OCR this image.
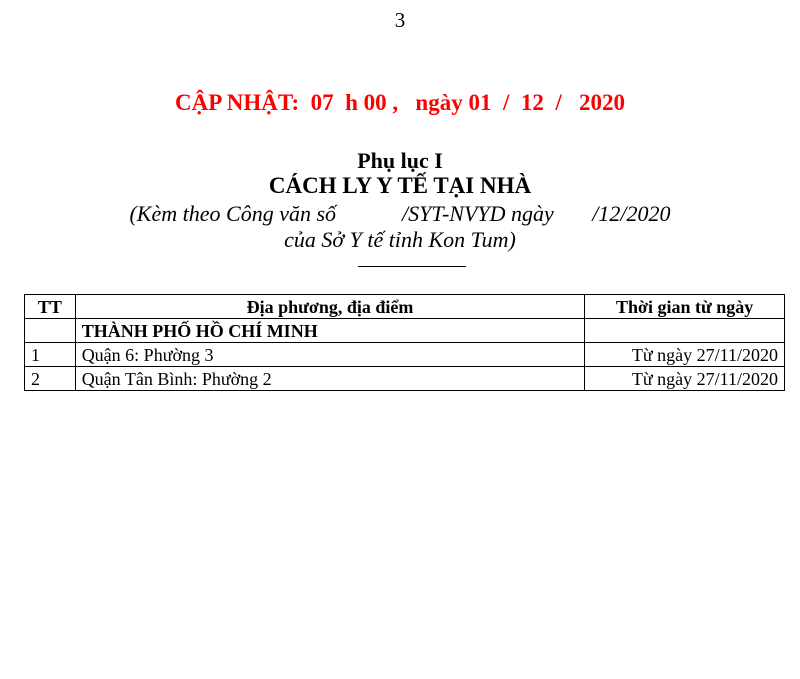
3
CẬP NHẬT:  07  h 00 ,   ngày 01  /  12  /   2020
Phụ lục I
CÁCH LY Y TẾ TẠI NHÀ
(Kèm theo Công văn số            /SYT-NVYD ngày       /12/2020
của Sở Y tế tỉnh Kon Tum)
TT	Địa phương, địa điểm	Thời gian từ ngày
	THÀNH PHỐ HỒ CHÍ MINH	
1	Quận 6: Phường 3	Từ ngày 27/11/2020
2	Quận Tân Bình: Phường 2	Từ ngày 27/11/2020
